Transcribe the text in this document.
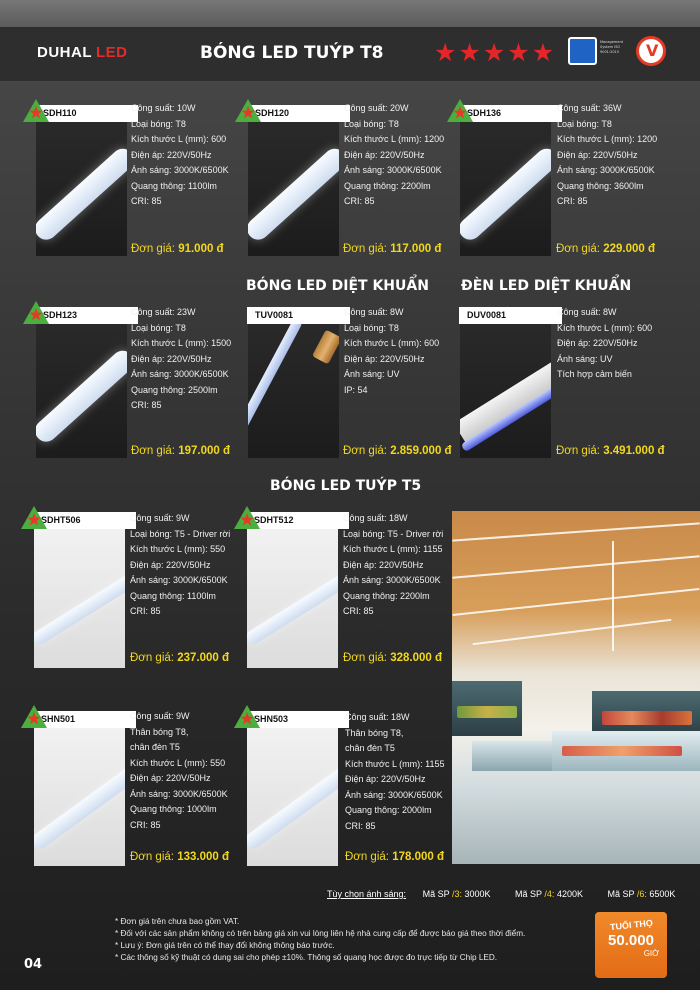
DUHAL LED	BÓNG LED TUÝP T8 ★ ★ ★ ★ ★	Management System ISO 9001:2015	V
SDH110	Công suất: 10W
Loại bóng: T8
Kích thước L (mm): 600
Điện áp: 220V/50Hz
Ánh sáng: 3000K/6500K
Quang thông: 1100lm
CRI: 85
Đơn giá: 91.000 đ
SDH120	Công suất: 20W
Loại bóng: T8
Kích thước L (mm): 1200
Điện áp: 220V/50Hz
Ánh sáng: 3000K/6500K
Quang thông: 2200lm
CRI: 85
Đơn giá: 117.000 đ
SDH136	Công suất: 36W
Loại bóng: T8
Kích thước L (mm): 1200
Điện áp: 220V/50Hz
Ánh sáng: 3000K/6500K
Quang thông: 3600lm
CRI: 85
Đơn giá: 229.000 đ
BÓNG LED DIỆT KHUẨN ĐÈN LED DIỆT KHUẨN
SDH123	Công suất: 23W
Loại bóng: T8
Kích thước L (mm): 1500
Điện áp: 220V/50Hz
Ánh sáng: 3000K/6500K
Quang thông: 2500lm
CRI: 85
Đơn giá: 197.000 đ
TUV0081	Công suất: 8W
Loại bóng: T8
Kích thước L (mm): 600
Điện áp: 220V/50Hz
Ánh sáng: UV
IP: 54
Đơn giá: 2.859.000 đ
DUV0081	Công suất: 8W
Kích thước L (mm): 600
Điện áp: 220V/50Hz
Ánh sáng: UV
Tích hợp cảm biến
Đơn giá: 3.491.000 đ
BÓNG LED TUÝP T5
SDHT506	Công suất: 9W
Loại bóng: T5 - Driver rời
Kích thước L (mm): 550
Điện áp: 220V/50Hz
Ánh sáng: 3000K/6500K
Quang thông: 1100lm
CRI: 85
Đơn giá: 237.000 đ
SDHT512	Công suất: 18W
Loại bóng: T5 - Driver rời
Kích thước L (mm): 1155
Điện áp: 220V/50Hz
Ánh sáng: 3000K/6500K
Quang thông: 2200lm
CRI: 85
Đơn giá: 328.000 đ
SHN501	Công suất: 9W
Thân bóng T8,
chân đèn T5
Kích thước L (mm): 550
Điện áp: 220V/50Hz
Ánh sáng: 3000K/6500K
Quang thông: 1000lm
CRI: 85
Đơn giá: 133.000 đ
SHN503	Công suất: 18W
Thân bóng T8,
chân đèn T5
Kích thước L (mm): 1155
Điện áp: 220V/50Hz
Ánh sáng: 3000K/6500K
Quang thông: 2000lm
CRI: 85
Đơn giá: 178.000 đ
Tùy chọn ánh sáng: Mã SP /3: 3000K	Mã SP /4: 4200K	Mã SP /6: 6500K
* Đơn giá trên chưa bao gồm VAT.
* Đối với các sản phẩm không có trên bảng giá xin vui lòng liên hệ nhà cung cấp để được báo giá theo thời điểm.
* Lưu ý: Đơn giá trên có thể thay đổi không thông báo trước.
* Các thông số kỹ thuật có dung sai cho phép ±10%. Thông số quang học được đo trực tiếp từ Chip LED.
04
TUỔI THỌ
50.000
GIỜ
